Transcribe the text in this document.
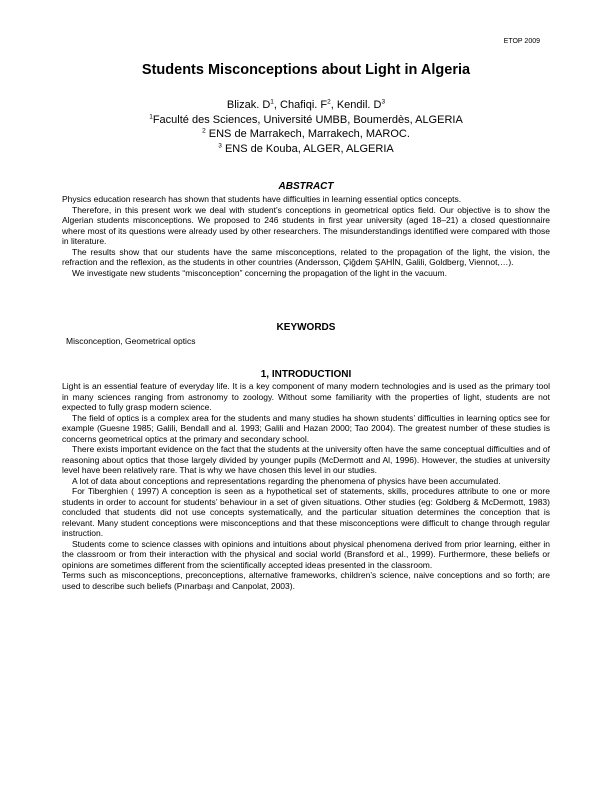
ETOP 2009
Students Misconceptions about Light in Algeria
Blizak. $D^1$, Chafiqi. $F^2$, Kendil. $D^3$
$^1$Faculté des Sciences, Université UMBB, Boumerdès, ALGERIA
$^2$ ENS de Marrakech, Marrakech, MAROC.
$^3$ ENS de Kouba, ALGER, ALGERIA
ABSTRACT

Physics education research has shown that students have difficulties in learning essential optics concepts.

Therefore, in this present work we deal with student’s conceptions in geometrical optics field. Our objective is to show the Algerian students misconceptions. We proposed to 246 students in first year university (aged 18–21) a closed questionnaire where most of its questions were already used by other researchers. The misunderstandings identified were compared with those in literature.

The results show that our students have the same misconceptions, related to the propagation of the light, the vision, the refraction and the reflexion, as the students in other countries (Andersson, Çiğdem ŞAHİN, Galili, Goldberg, Viennot,…).

We investigate new students “misconception” concerning the propagation of the light in the vacuum.

KEYWORDS
Misconception, Geometrical optics
1, INTRODUCTIONI

Light is an essential feature of everyday life. It is a key component of many modern technologies and is used as the primary tool in many sciences ranging from astronomy to zoology. Without some familiarity with the properties of light, students are not expected to fully grasp modern science.

The field of optics is a complex area for the students and many studies ha shown students’ difficulties in learning optics see for example (Guesne 1985; Galili, Bendall and al. 1993; Galili and Hazan 2000; Tao 2004). The greatest number of these studies is concerns geometrical optics at the primary and secondary school.

There exists important evidence on the fact that the students at the university often have the same conceptual difficulties and of reasoning about optics that those largely divided by younger pupils (McDermott and Al, 1996). However, the studies at university level have been relatively rare. That is why we have chosen this level in our studies.

A lot of data about conceptions and representations regarding the phenomena of physics have been accumulated.

For Tiberghien ( 1997) A conception is seen as a hypothetical set of statements, skills, procedures attribute to one or more students in order to account for students’ behaviour in a set of given situations. Other studies (eg: Goldberg & McDermott, 1983) concluded that students did not use concepts systematically, and the particular situation determines the conception that is relevant. Many student conceptions were misconceptions and that these misconceptions were difficult to change through regular instruction.

Students come to science classes with opinions and intuitions about physical phenomena derived from prior learning, either in the classroom or from their interaction with the physical and social world (Bransford et al., 1999). Furthermore, these beliefs or opinions are sometimes different from the scientifically accepted ideas presented in the classroom.

Terms such as misconceptions, preconceptions, alternative frameworks, children’s science, naive conceptions and so forth; are used to describe such beliefs (Pınarbaşı and Canpolat, 2003).
